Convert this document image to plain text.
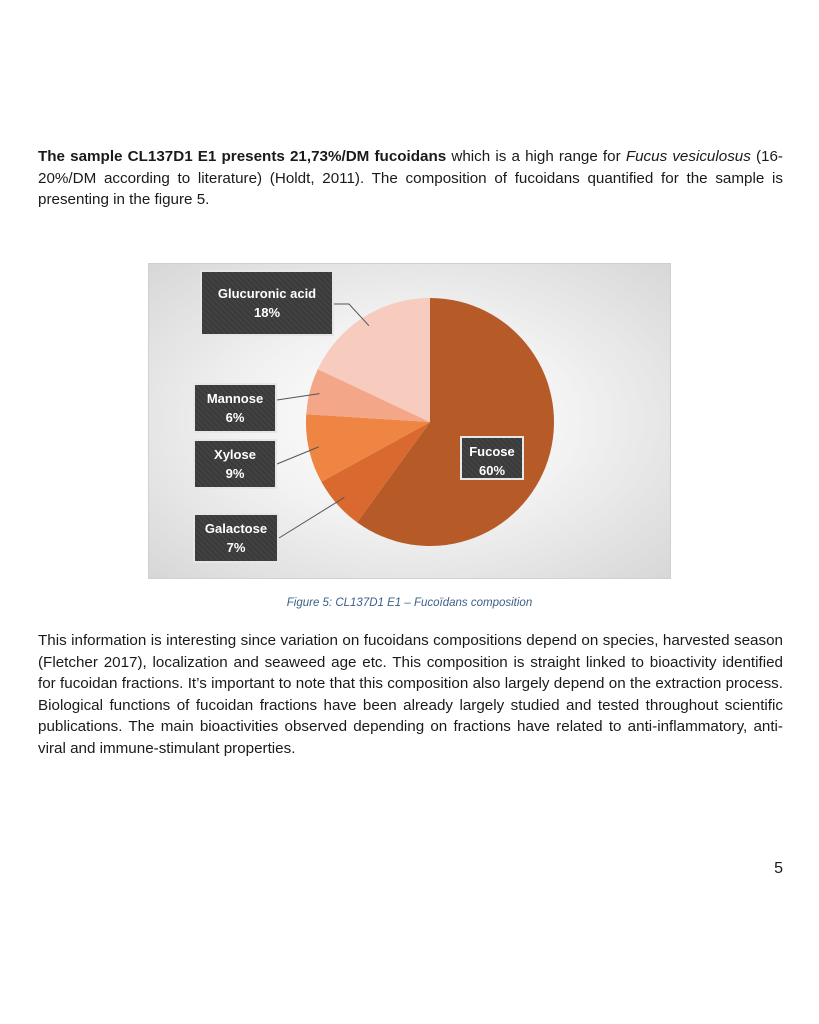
The sample CL137D1 E1 presents 21,73%/DM fucoidans which is a high range for Fucus vesiculosus (16-20%/DM according to literature) (Holdt, 2011). The composition of fucoidans quantified for the sample is presenting in the figure 5.

Fucose
60%
Galactose
7%
Xylose
9%
Mannose
6%
Glucuronic acid
18%
Figure 5: CL137D1 E1 – Fucoïdans composition

This information is interesting since variation on fucoidans compositions depend on species, harvested season (Fletcher 2017), localization and seaweed age etc. This composition is straight linked to bioactivity identified for fucoidan fractions. It’s important to note that this composition also largely depend on the extraction process. Biological functions of fucoidan fractions have been already largely studied and tested throughout scientific publications. The main bioactivities observed depending on fractions have related to anti-inflammatory, anti-viral and immune-stimulant properties.

5
